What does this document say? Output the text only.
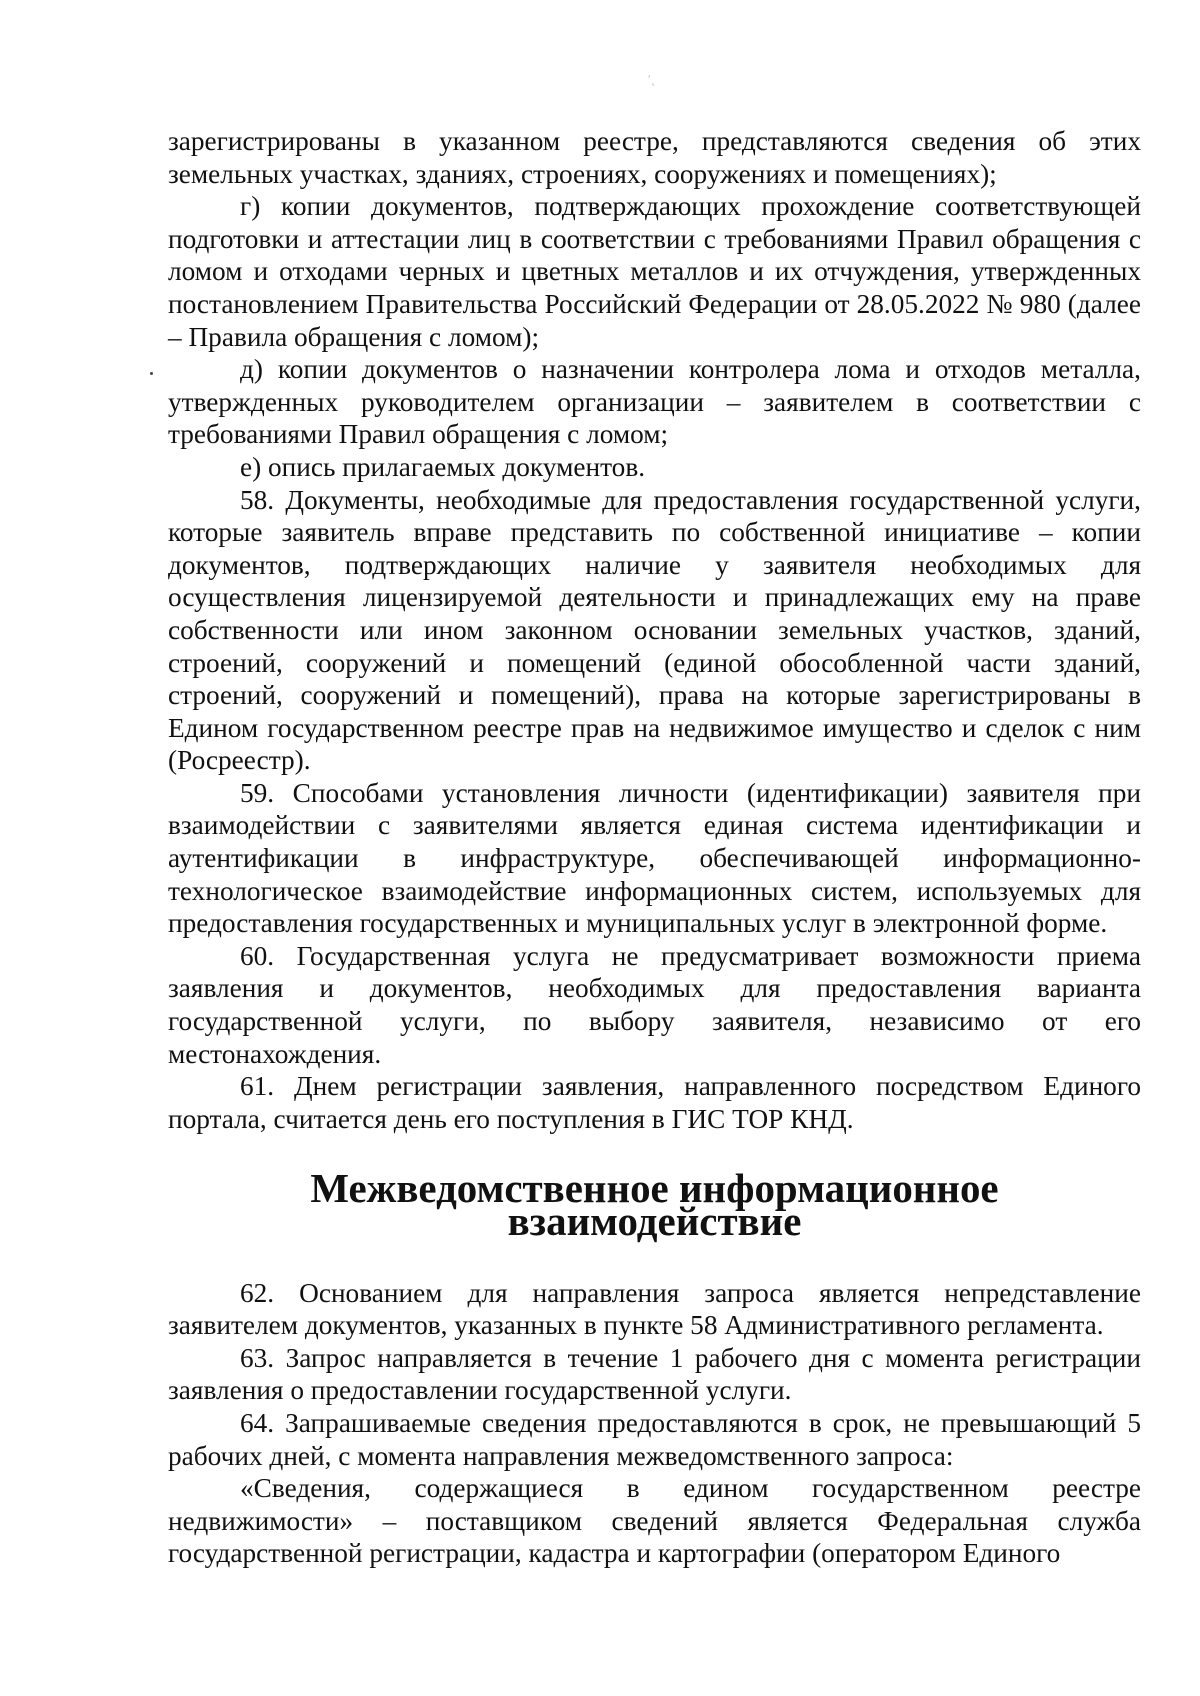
ʹ˛

зарегистрированы в указанном реестре, представляются сведения об этих земельных участках, зданиях, строениях, сооружениях и помещениях);

г) копии документов, подтверждающих прохождение соответствующей подготовки и аттестации лиц в соответствии с требованиями Правил обращения с ломом и отходами черных и цветных металлов и их отчуждения, утвержденных постановлением Правительства Российский Федерации от 28.05.2022 № 980 (далее – Правила обращения с ломом);

д) копии документов о назначении контролера лома и отходов металла, утвержденных руководителем организации – заявителем в соответствии с требованиями Правил обращения с ломом;

е) опись прилагаемых документов.

58. Документы, необходимые для предоставления государственной услуги, которые заявитель вправе представить по собственной инициативе – копии документов, подтверждающих наличие у заявителя необходимых для осуществления лицензируемой деятельности и принадлежащих ему на праве собственности или ином законном основании земельных участков, зданий, строений, сооружений и помещений (единой обособленной части зданий, строений, сооружений и помещений), права на которые зарегистрированы в Едином государственном реестре прав на недвижимое имущество и сделок с ним (Росреестр).

59. Способами установления личности (идентификации) заявителя при взаимодействии с заявителями является единая система идентификации и аутентификации в инфраструктуре, обеспечивающей информационно-технологическое взаимодействие информационных систем, используемых для предоставления государственных и муниципальных услуг в электронной форме.

60. Государственная услуга не предусматривает возможности приема заявления и документов, необходимых для предоставления варианта государственной услуги, по выбору заявителя, независимо от его местонахождения.

61. Днем регистрации заявления, направленного посредством Единого портала, считается день его поступления в ГИС ТОР КНД.

Межведомственное информационное взаимодействие

62. Основанием для направления запроса является непредставление заявителем документов, указанных в пункте 58 Административного регламента.

63. Запрос направляется в течение 1 рабочего дня с момента регистрации заявления о предоставлении государственной услуги.

64. Запрашиваемые сведения предоставляются в срок, не превышающий 5 рабочих дней, с момента направления межведомственного запроса:

«Сведения, содержащиеся в едином государственном реестре недвижимости» – поставщиком сведений является Федеральная служба государственной регистрации, кадастра и картографии (оператором Единого
